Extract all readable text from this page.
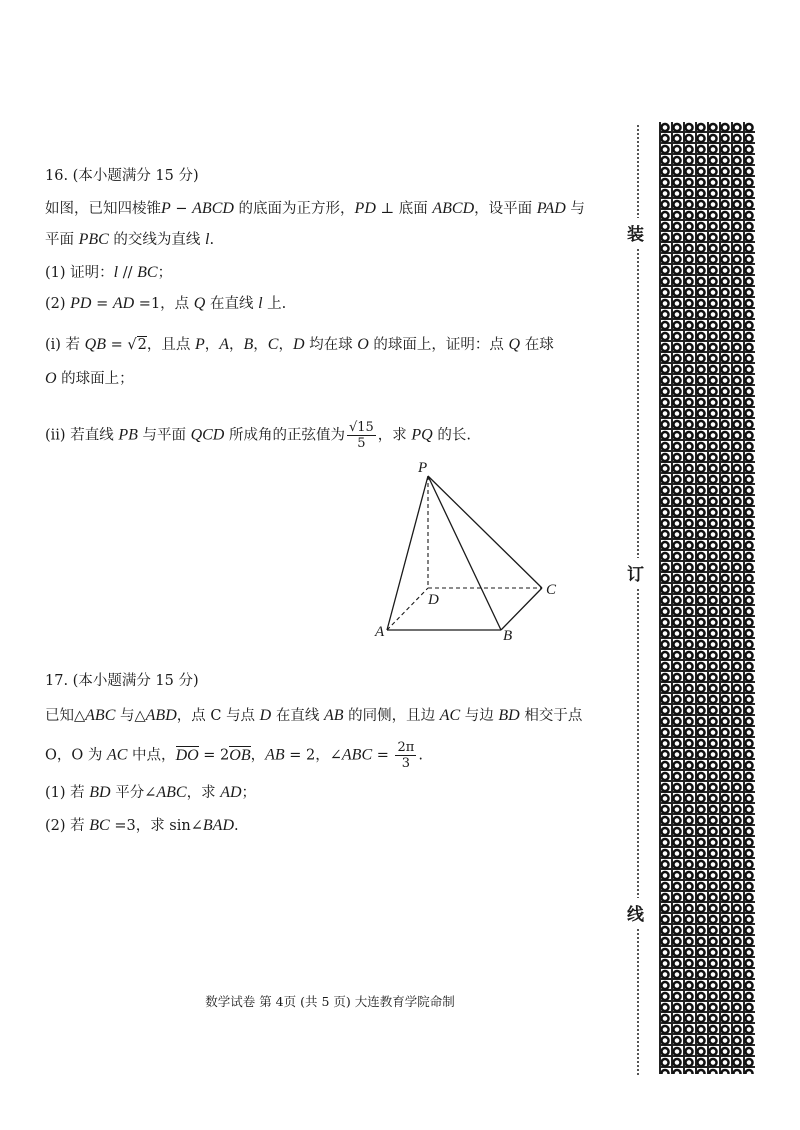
16. (本小题满分 15 分)
如图，已知四棱锥P − ABCD 的底面为正方形，PD ⊥ 底面 ABCD，设平面 PAD 与
平面 PBC 的交线为直线 l.
(1) 证明：l // BC；
(2) PD = AD =1，点 Q 在直线 l 上.
(ⅰ) 若 QB = √2，且点 P，A，B，C，D 均在球 O 的球面上，证明：点 Q 在球
O 的球面上；
(ⅱ) 若直线 PB 与平面 QCD 所成角的正弦值为 $\frac{√15}{5}$ ，求 PQ 的长.
P
A	B
C
D
17. (本小题满分 15 分)
已知△ABC 与△ABD，点 C 与点 D 在直线 AB 的同侧，且边 AC 与边 BD 相交于点
O，O 为 AC 中点，DO = 2OB，AB = 2，∠ABC = $\frac{2\pi}{3}$ .
(1) 若 BD 平分∠ABC，求 AD；
(2) 若 BC =3，求 sin∠BAD.
数学试卷 第 4页 (共 5 页) 大连教育学院命制
装
订
线
